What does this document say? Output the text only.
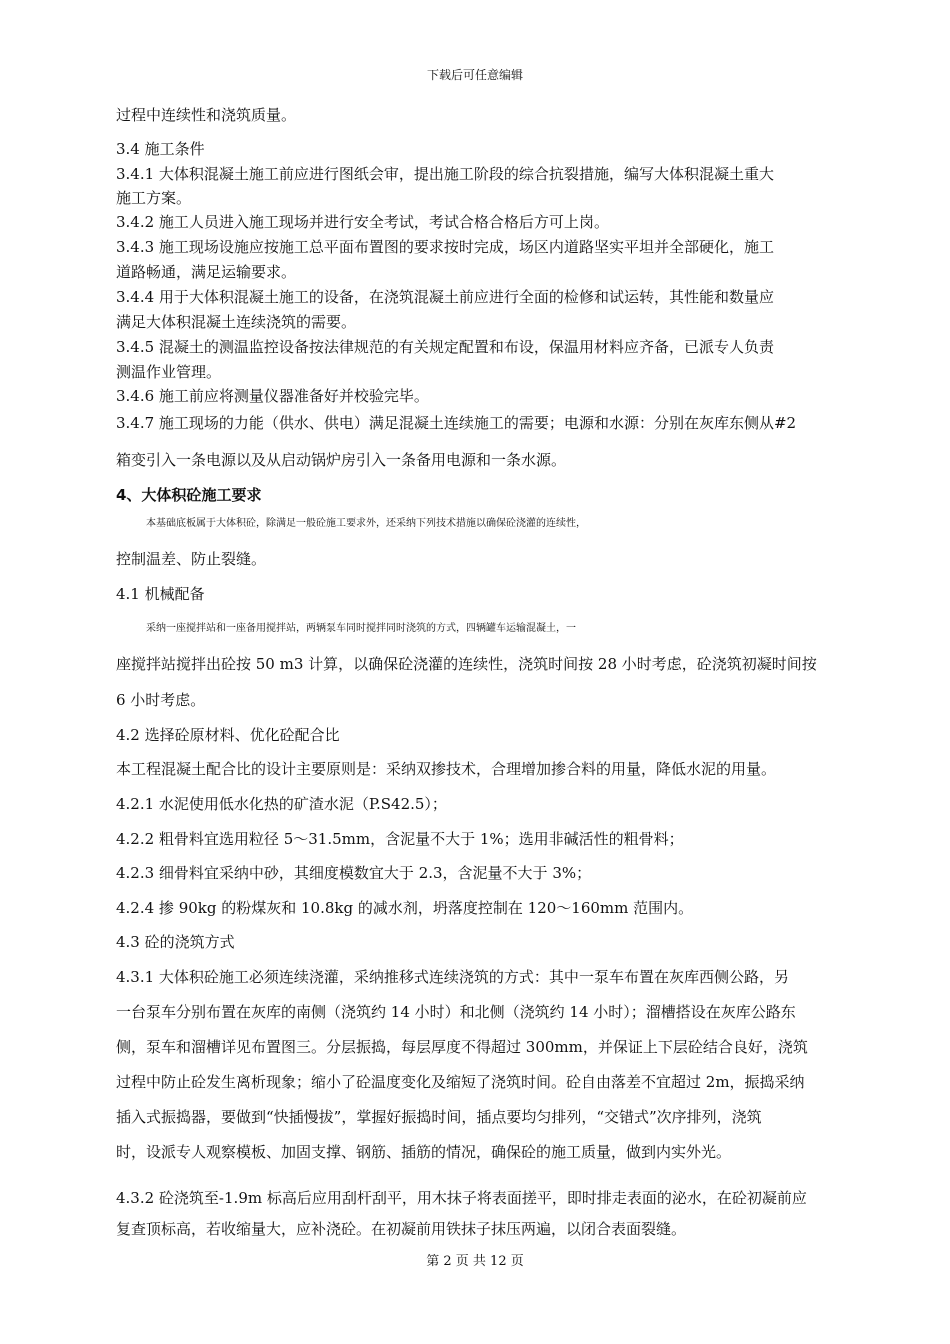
下载后可任意编辑

过程中连续性和浇筑质量。

3.4 施工条件

3.4.1 大体积混凝土施工前应进行图纸会审，提出施工阶段的综合抗裂措施，编写大体积混凝土重大

施工方案。

3.4.2 施工人员进入施工现场并进行安全考试，考试合格合格后方可上岗。

3.4.3 施工现场设施应按施工总平面布置图的要求按时完成，场区内道路坚实平坦并全部硬化，施工

道路畅通，满足运输要求。

3.4.4 用于大体积混凝土施工的设备，在浇筑混凝土前应进行全面的检修和试运转，其性能和数量应

满足大体积混凝土连续浇筑的需要。

3.4.5 混凝土的测温监控设备按法律规范的有关规定配置和布设，保温用材料应齐备，已派专人负责

测温作业管理。

3.4.6 施工前应将测量仪器准备好并校验完毕。

3.4.7 施工现场的力能（供水、供电）满足混凝土连续施工的需要；电源和水源：分别在灰库东侧从#2

箱变引入一条电源以及从启动锅炉房引入一条备用电源和一条水源。

4、大体积砼施工要求

本基础底板属于大体积砼，除满足一般砼施工要求外，还采纳下列技术措施以确保砼浇灌的连续性，

控制温差、防止裂缝。

4.1 机械配备

采纳一座搅拌站和一座备用搅拌站，两辆泵车同时搅拌同时浇筑的方式，四辆罐车运输混凝土，一

座搅拌站搅拌出砼按 50 m3 计算，以确保砼浇灌的连续性，浇筑时间按 28 小时考虑，砼浇筑初凝时间按

6 小时考虑。

4.2 选择砼原材料、优化砼配合比

本工程混凝土配合比的设计主要原则是：采纳双掺技术，合理增加掺合料的用量，降低水泥的用量。

4.2.1 水泥使用低水化热的矿渣水泥（P.S42.5）；

4.2.2 粗骨料宜选用粒径 5～31.5mm，含泥量不大于 1%；选用非碱活性的粗骨料；

4.2.3 细骨料宜采纳中砂，其细度模数宜大于 2.3，含泥量不大于 3%；

4.2.4 掺 90kg 的粉煤灰和 10.8kg 的减水剂，坍落度控制在 120～160mm 范围内。

4.3 砼的浇筑方式

4.3.1 大体积砼施工必须连续浇灌，采纳推移式连续浇筑的方式：其中一泵车布置在灰库西侧公路，另

一台泵车分别布置在灰库的南侧（浇筑约 14 小时）和北侧（浇筑约 14 小时）；溜槽搭设在灰库公路东

侧，泵车和溜槽详见布置图三。分层振捣，每层厚度不得超过 300mm，并保证上下层砼结合良好，浇筑

过程中防止砼发生离析现象；缩小了砼温度变化及缩短了浇筑时间。砼自由落差不宜超过 2m，振捣采纳

插入式振捣器，要做到“快插慢拔”，掌握好振捣时间，插点要均匀排列，“交错式”次序排列，浇筑

时，设派专人观察模板、加固支撑、钢筋、插筋的情况，确保砼的施工质量，做到内实外光。

4.3.2 砼浇筑至-1.9m 标高后应用刮杆刮平，用木抹子将表面搓平，即时排走表面的泌水，在砼初凝前应

复查顶标高，若收缩量大，应补浇砼。在初凝前用铁抹子抹压两遍，以闭合表面裂缝。

第 2 页 共 12 页
